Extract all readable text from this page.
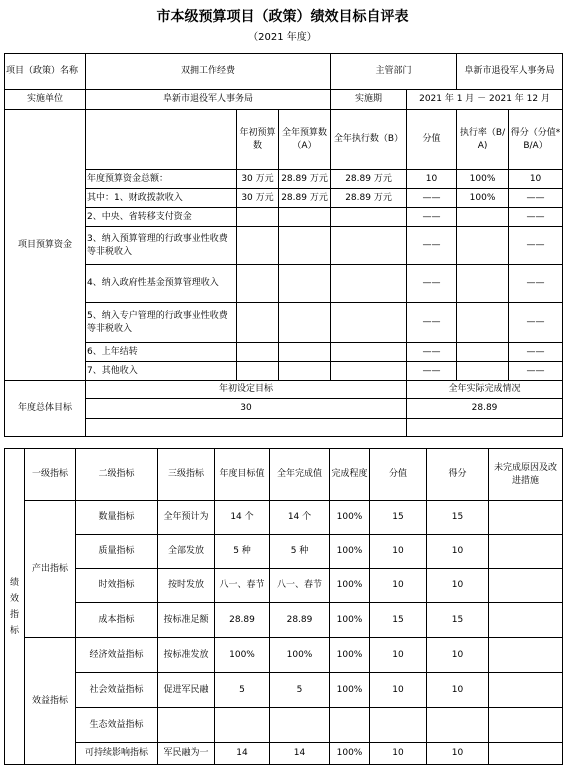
市本级预算项目（政策）绩效目标自评表
（2021 年度）
项目（政策）名称	双拥工作经费			主管部门		阜新市退役军人事务局	
实施单位	阜新市退役军人事务局			实施期	2021 年 1 月 － 2021 年 12 月		
项目预算资金		年初预算数	全年预算数（A）	全年执行数（B）	分值	执行率（B/A)	得分（分值*B/A）
	年度预算资金总额：	30 万元	28.89 万元	28.89 万元	10	100%	10
	其中：1、财政拨款收入	30 万元	28.89 万元	28.89 万元	——	100%	——
	2、中央、省转移支付资金				——		——
	3、纳入预算管理的行政事业性收费等非税收入				——		——
	4、纳入政府性基金预算管理收入				——		——
	5、纳入专户管理的行政事业性收费等非税收入				——		——
	6、上年结转				——		——
	7、其他收入				——		——
年度总体目标	年初设定目标				全年实际完成情况		
	30				28.89		

绩效指标	一级指标	二级指标	三级指标	年度目标值	全年完成值	完成程度	分值	得分	未完成原因及改进措施
	产出指标	数量指标	全年预计为	14 个	14 个	100%	15	15	
		质量指标	全部发放	5 种	5 种	100%	10	10	
		时效指标	按时发放	八一、春节	八一、春节	100%	10	10	
		成本指标	按标准足额	28.89	28.89	100%	15	15	
	效益指标	经济效益指标	按标准发放	100%	100%	100%	10	10	
		社会效益指标	促进军民融	5	5	100%	10	10	
		生态效益指标							
		可持续影响指标	军民融为一	14	14	100%	10	10	
